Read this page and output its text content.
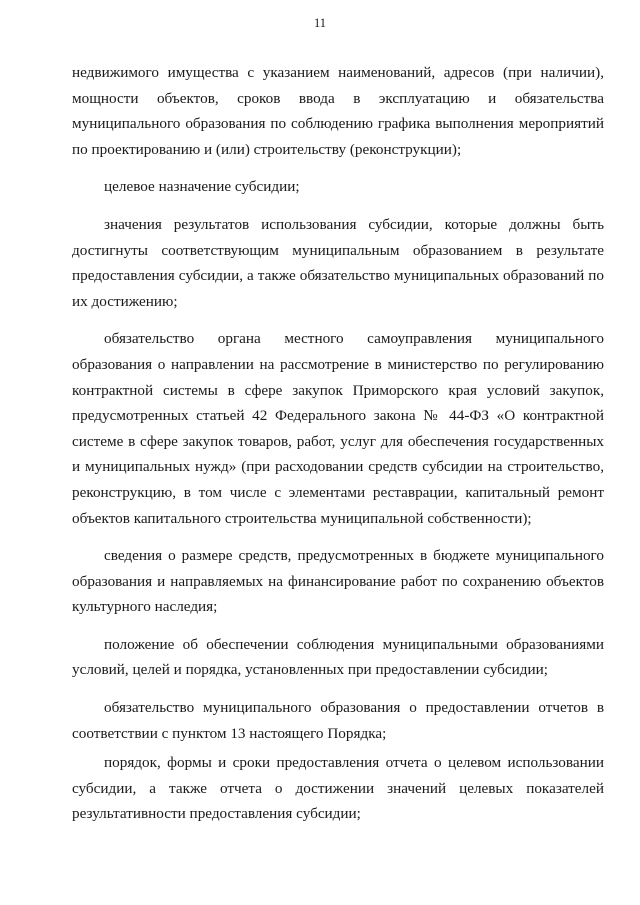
11

недвижимого имущества с указанием наименований, адресов (при наличии), мощности объектов, сроков ввода в эксплуатацию и обязательства муниципального образования по соблюдению графика выполнения мероприятий по проектированию и (или) строительству (реконструкции);

целевое назначение субсидии;

значения результатов использования субсидии, которые должны быть достигнуты соответствующим муниципальным образованием в результате предоставления субсидии, а также обязательство муниципальных образований по их достижению;

обязательство органа местного самоуправления муниципального образования о направлении на рассмотрение в министерство по регулированию контрактной системы в сфере закупок Приморского края условий закупок, предусмотренных статьей 42 Федерального закона № 44-ФЗ «О контрактной системе в сфере закупок товаров, работ, услуг для обеспечения государственных и муниципальных нужд» (при расходовании средств субсидии на строительство, реконструкцию, в том числе с элементами реставрации, капитальный ремонт объектов капитального строительства муниципальной собственности);

сведения о размере средств, предусмотренных в бюджете муниципального образования и направляемых на финансирование работ по сохранению объектов культурного наследия;

положение об обеспечении соблюдения муниципальными образованиями условий, целей и порядка, установленных при предоставлении субсидии;

обязательство муниципального образования о предоставлении отчетов в соответствии с пунктом 13 настоящего Порядка;

порядок, формы и сроки предоставления отчета о целевом использовании субсидии, а также отчета о достижении значений целевых показателей результативности предоставления субсидии;
